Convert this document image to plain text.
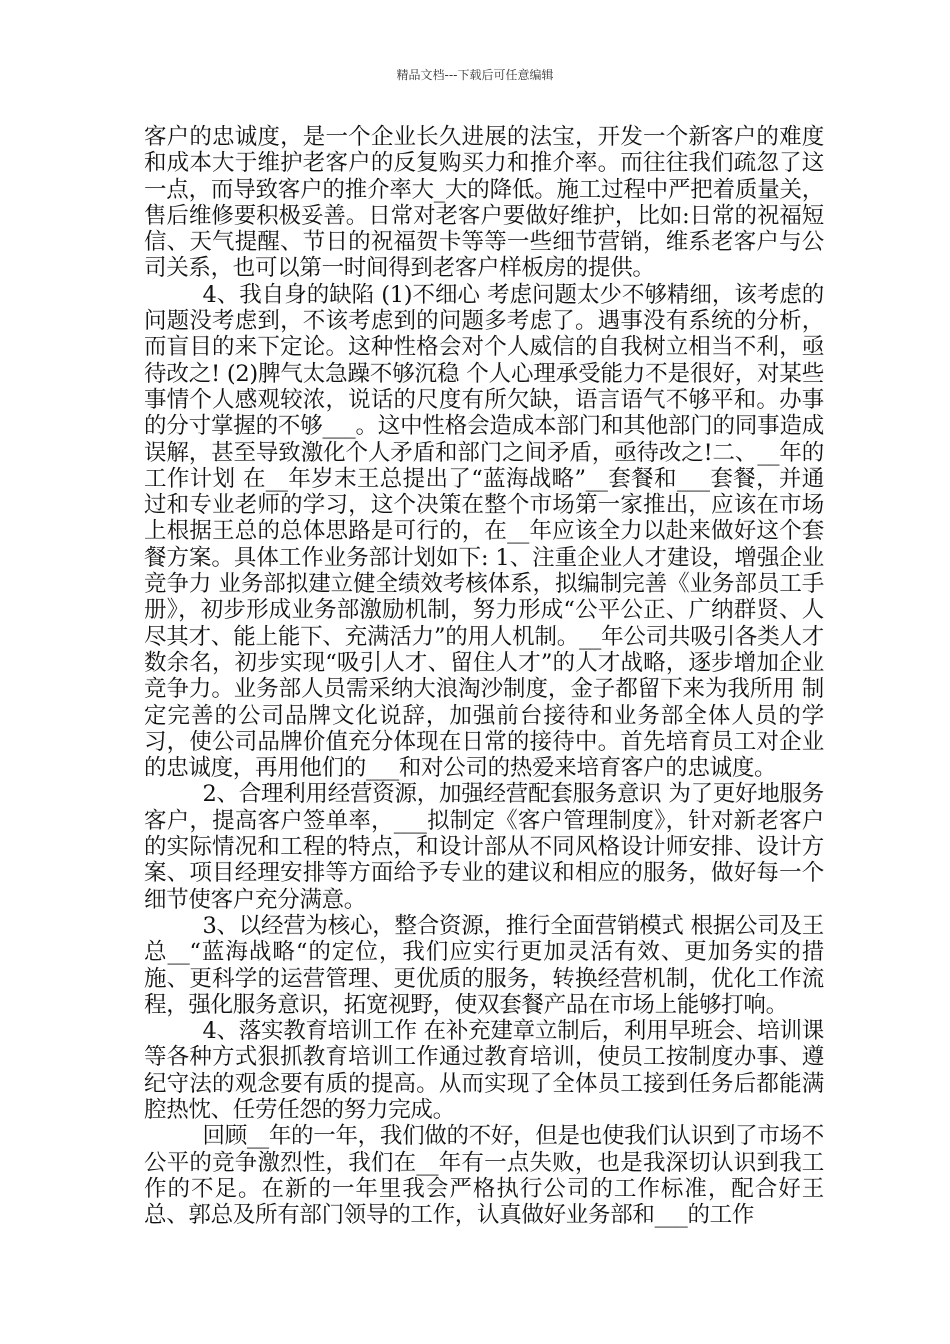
精品文档---下载后可任意编辑

客户的忠诚度，是一个企业长久进展的法宝，开发一个新客户的难度和成本大于维护老客户的反复购买力和推介率。而往往我们疏忽了这一点，而导致客户的推介率大_大的降低。施工过程中严把着质量关，售后维修要积极妥善。日常对老客户要做好维护，比如:日常的祝福短信、天气提醒、节日的祝福贺卡等等一些细节营销，维系老客户与公司关系，也可以第一时间得到老客户样板房的提供。

4、我自身的缺陷 (1)不细心 考虑问题太少不够精细，该考虑的问题没考虑到，不该考虑到的问题多考虑了。遇事没有系统的分析，而盲目的来下定论。这种性格会对个人威信的自我树立相当不利，亟待改之! (2)脾气太急躁不够沉稳 个人心理承受能力不是很好，对某些事情个人感观较浓，说话的尺度有所欠缺，语言语气不够平和。办事的分寸掌握的不够___。这中性格会造成本部门和其他部门的同事造成误解，甚至导致激化个人矛盾和部门之间矛盾，亟待改之!二、__年的工作计划 在__年岁末王总提出了“蓝海战略”__套餐和___套餐，并通过和专业老师的学习，这个决策在整个市场第一家推出，应该在市场上根据王总的总体思路是可行的，在__年应该全力以赴来做好这个套餐方案。具体工作业务部计划如下: 1、注重企业人才建设，增强企业竞争力 业务部拟建立健全绩效考核体系，拟编制完善《业务部员工手册》，初步形成业务部激励机制，努力形成“公平公正、广纳群贤、人尽其才、能上能下、充满活力”的用人机制。__年公司共吸引各类人才数余名，初步实现“吸引人才、留住人才”的人才战略，逐步增加企业竞争力。业务部人员需采纳大浪淘沙制度，金子都留下来为我所用 制定完善的公司品牌文化说辞，加强前台接待和业务部全体人员的学习，使公司品牌价值充分体现在日常的接待中。首先培育员工对企业的忠诚度，再用他们的___和对公司的热爱来培育客户的忠诚度。

2、合理利用经营资源，加强经营配套服务意识 为了更好地服务客户，提高客户签单率，___拟制定《客户管理制度》，针对新老客户的实际情况和工程的特点，和设计部从不同风格设计师安排、设计方案、项目经理安排等方面给予专业的建议和相应的服务，做好每一个细节使客户充分满意。

3、以经营为核心，整合资源，推行全面营销模式 根据公司及王总__“蓝海战略“的定位，我们应实行更加灵活有效、更加务实的措施、更科学的运营管理、更优质的服务，转换经营机制，优化工作流程，强化服务意识，拓宽视野，使双套餐产品在市场上能够打响。

4、落实教育培训工作 在补充建章立制后，利用早班会、培训课等各种方式狠抓教育培训工作通过教育培训，使员工按制度办事、遵纪守法的观念要有质的提高。从而实现了全体员工接到任务后都能满腔热忱、任劳任怨的努力完成。

回顾__年的一年，我们做的不好，但是也使我们认识到了市场不公平的竞争激烈性，我们在__年有一点失败，也是我深切认识到我工作的不足。在新的一年里我会严格执行公司的工作标准，配合好王总、郭总及所有部门领导的工作，认真做好业务部和___的工作
